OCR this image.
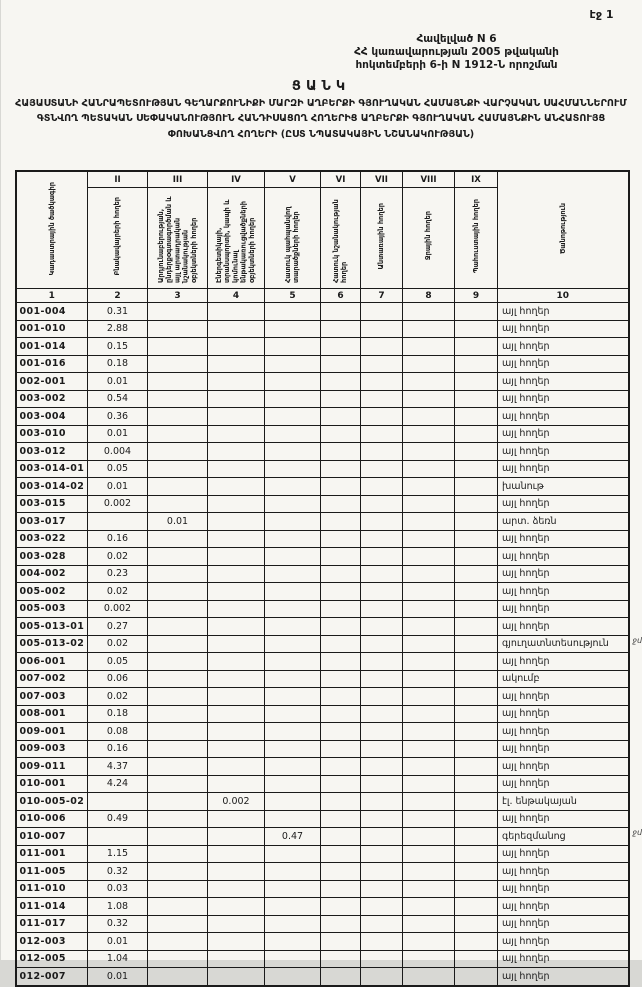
էջ 1
Հավելված N 6
ՀՀ կառավարության 2005 թվականի
հոկտեմբերի 6-ի N 1912-Ն որոշման
ՑԱՆԿ
ՀԱՅԱՍՏԱՆԻ ՀԱՆՐԱՊԵՏՈՒԹՅԱՆ ԳԵՂԱՐՔՈՒՆԻՔԻ ՄԱՐԶԻ ԱՂԲԵՐՔԻ ԳՅՈՒՂԱԿԱՆ ՀԱՄԱՅՆՔԻ ՎԱՐՉԱԿԱՆ ՍԱՀՄԱՆՆԵՐՈՒՄ ԳՏՆՎՈՂ ՊԵՏԱԿԱՆ ՍԵՓԱԿԱՆՈՒԹՅՈՒՆ ՀԱՆԴԻՍԱՑՈՂ ՀՈՂԵՐԻՑ ԱՂԲԵՐՔԻ ԳՅՈՒՂԱԿԱՆ ՀԱՄԱՅՆՔԻՆ ԱՆՀԱՏՈՒՅՑ ՓՈԽԱՆՑՎՈՂ ՀՈՂԵՐԻ (ԸՍՏ ՆՊԱՏԱԿԱՅԻՆ ՆՇԱՆԱԿՈՒԹՅԱՆ)
Կադաստրային ծածկագիր	II	III	IV	V	VI	VII	VIII	IX	Ծանոթություն
	Բնակավայրերի հողեր	Արդյունաբերության, ընդերքօգտագործման և այլ արտադրական նշանակության օբյեկտների հողեր	Էներգետիկայի, տրանսպորտի, կապի և կոմունալ ենթակառուցվածքների օբյեկտների հողեր	Հատուկ պահպանվող տարածքների հողեր	Հատուկ նշանակության հողեր	Անտառային հողեր	Ջրային հողեր	Պահուստային հողեր	
1	2	3	4	5	6	7	8	9	10
001-004	0.31								այլ հողեր
001-010	2.88								այլ հողեր
001-014	0.15								այլ հողեր
001-016	0.18								այլ հողեր
002-001	0.01								այլ հողեր
003-002	0.54								այլ հողեր
003-004	0.36								այլ հողեր
003-010	0.01								այլ հողեր
003-012	0.004								այլ հողեր
003-014-01	0.05								այլ հողեր
003-014-02	0.01								խանութ
003-015	0.002								այլ հողեր
003-017		0.01							արտ. ձեռն
003-022	0.16								այլ հողեր
003-028	0.02								այլ հողեր
004-002	0.23								այլ հողեր
005-002	0.02								այլ հողեր
005-003	0.002								այլ հողեր
005-013-01	0.27								այլ հողեր
005-013-02	0.02								գյուղատնտեսություն ջմ

006-001	0.05								այլ հողեր
007-002	0.06								ակումբ
007-003	0.02								այլ հողեր
008-001	0.18								այլ հողեր
009-001	0.08								այլ հողեր
009-003	0.16								այլ հողեր
009-011	4.37								այլ հողեր
010-001	4.24								այլ հողեր
010-005-02			0.002						էլ. ենթակայան
010-006	0.49								այլ հողեր
010-007				0.47					գերեզմանոց ջմ

011-001	1.15								այլ հողեր
011-005	0.32								այլ հողեր
011-010	0.03								այլ հողեր
011-014	1.08								այլ հողեր
011-017	0.32								այլ հողեր
012-003	0.01								այլ հողեր
012-005	1.04								այլ հողեր
012-007	0.01								այլ հողեր
